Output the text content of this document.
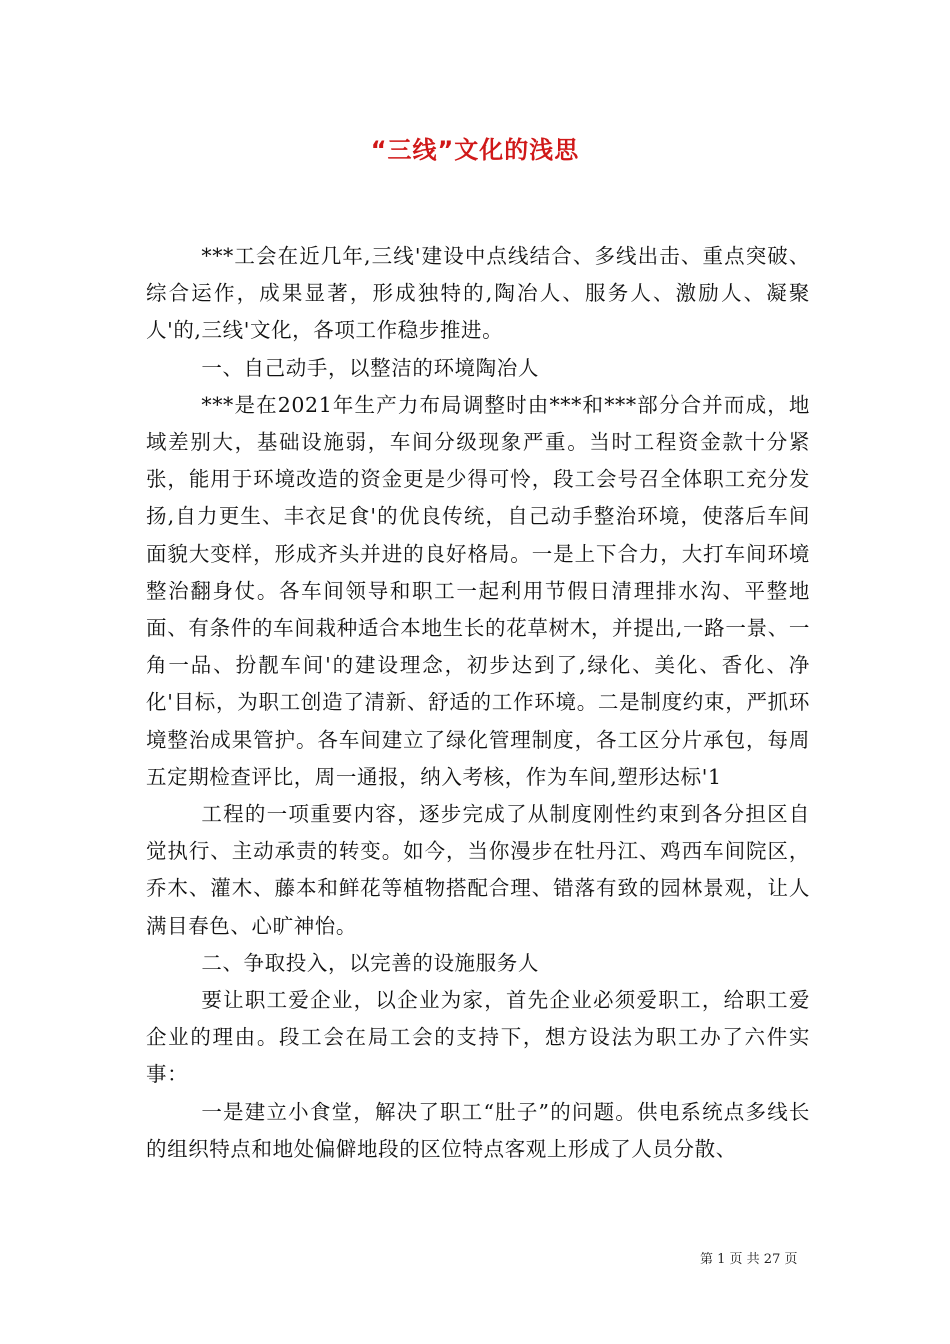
“三线”文化的浅思

***工会在近几年,三线'建设中点线结合、多线出击、重点突破、综合运作，成果显著，形成独特的,陶冶人、服务人、激励人、凝聚人'的,三线'文化，各项工作稳步推进。

一、自己动手，以整洁的环境陶冶人

***是在2021年生产力布局调整时由***和***部分合并而成，地域差别大，基础设施弱，车间分级现象严重。当时工程资金款十分紧张，能用于环境改造的资金更是少得可怜，段工会号召全体职工充分发扬,自力更生、丰衣足食'的优良传统，自己动手整治环境，使落后车间面貌大变样，形成齐头并进的良好格局。一是上下合力，大打车间环境整治翻身仗。各车间领导和职工一起利用节假日清理排水沟、平整地面、有条件的车间栽种适合本地生长的花草树木，并提出,一路一景、一角一品、扮靓车间'的建设理念，初步达到了,绿化、美化、香化、净化'目标，为职工创造了清新、舒适的工作环境。二是制度约束，严抓环境整治成果管护。各车间建立了绿化管理制度，各工区分片承包，每周五定期检查评比，周一通报，纳入考核，作为车间,塑形达标'1

工程的一项重要内容，逐步完成了从制度刚性约束到各分担区自觉执行、主动承责的转变。如今，当你漫步在牡丹江、鸡西车间院区，乔木、灌木、藤本和鲜花等植物搭配合理、错落有致的园林景观，让人满目春色、心旷神怡。

二、争取投入，以完善的设施服务人

要让职工爱企业，以企业为家，首先企业必须爱职工，给职工爱企业的理由。段工会在局工会的支持下，想方设法为职工办了六件实事：

一是建立小食堂，解决了职工“肚子”的问题。供电系统点多线长的组织特点和地处偏僻地段的区位特点客观上形成了人员分散、

第 1 页 共 27 页
